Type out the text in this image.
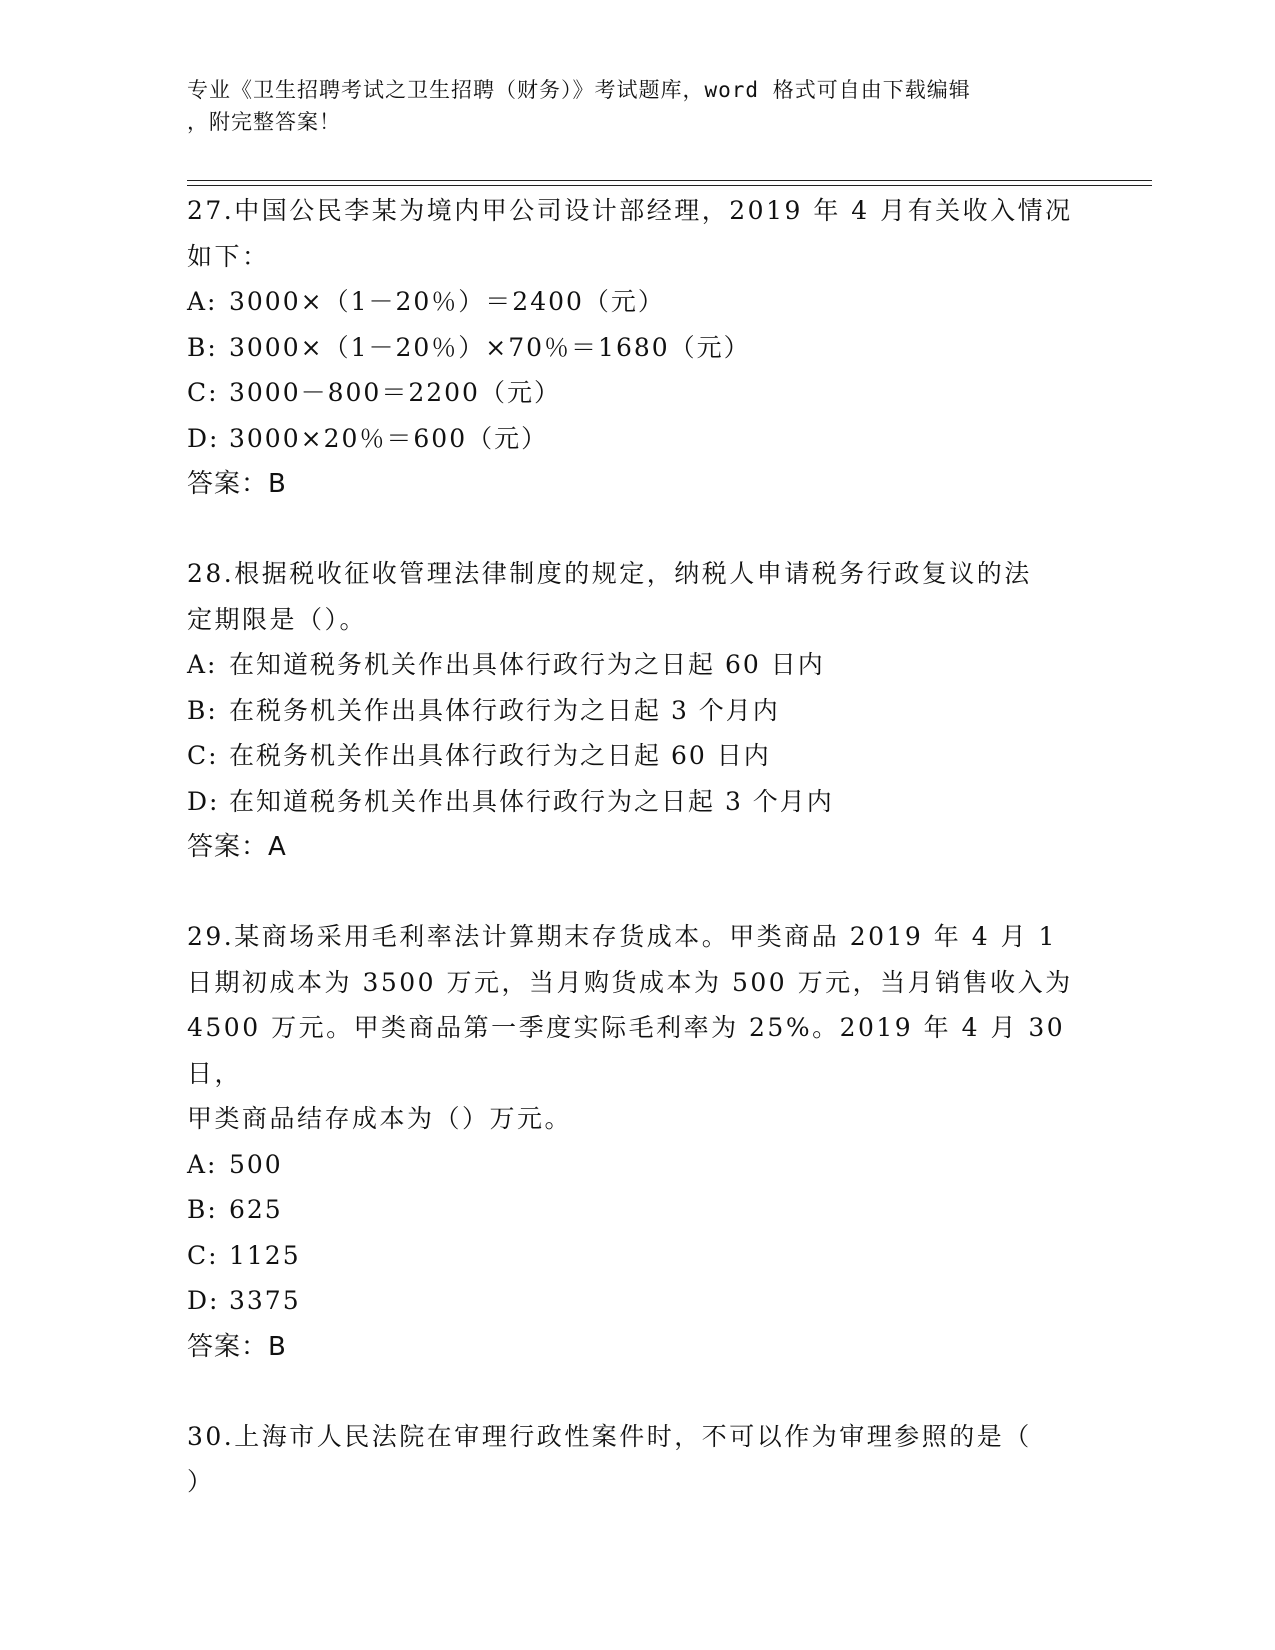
专业《卫生招聘考试之卫生招聘（财务）》考试题库，word 格式可自由下载编辑
，附完整答案！

27.中国公民李某为境内甲公司设计部经理，2019 年 4 月有关收入情况

如下：

A: 3000×（1－20％）＝2400（元）
B: 3000×（1－20％）×70％＝1680（元）
C: 3000－800＝2200（元）
D: 3000×20％＝600（元）
答案：B

28.根据税收征收管理法律制度的规定，纳税人申请税务行政复议的法

定期限是（）。

A: 在知道税务机关作出具体行政行为之日起 60 日内
B: 在税务机关作出具体行政行为之日起 3 个月内
C: 在税务机关作出具体行政行为之日起 60 日内
D: 在知道税务机关作出具体行政行为之日起 3 个月内
答案：A

29.某商场采用毛利率法计算期末存货成本。甲类商品 2019 年 4 月 1

日期初成本为 3500 万元，当月购货成本为 500 万元，当月销售收入为

4500 万元。甲类商品第一季度实际毛利率为 25%。2019 年 4 月 30 日，

甲类商品结存成本为（）万元。

A: 500
B: 625
C: 1125
D: 3375
答案：B

30.上海市人民法院在审理行政性案件时，不可以作为审理参照的是（

）
